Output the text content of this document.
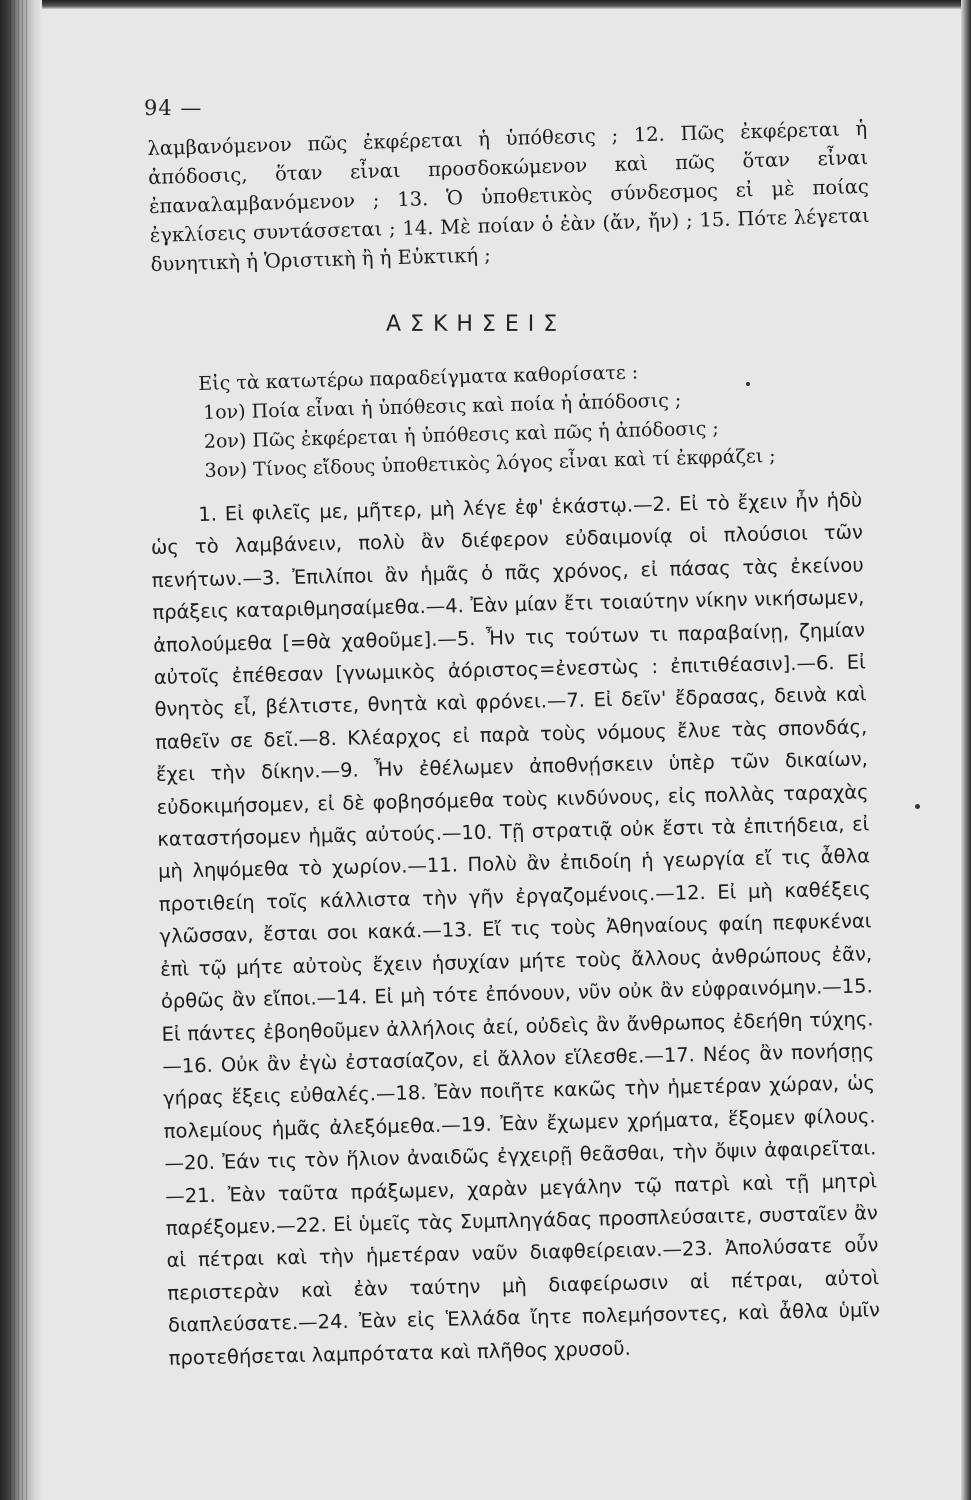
94 —
λαμβανόμενον πῶς ἐκφέρεται ἡ ὑπόθεσις ; 12. Πῶς ἐκφέρεται ἡ ἀπόδοσις, ὅταν εἶναι πρoσδοκώμενον καὶ πῶς ὅταν εἶναι ἐπαναλαμβανόμενον ; 13. Ὁ ὑποθετικὸς σύνδεσμος εἰ μὲ ποίας ἐγκλίσεις συντάσσεται ; 14. Μὲ ποίαν ὁ ἐὰν (ἄν, ἤν) ; 15. Πότε λέγεται δυνητικὴ ἡ Ὁριστικὴ ἢ ἡ Εὐκτική ;
ΑΣΚΗΣΕΙΣ
Εἰς τὰ κατωτέρω παραδείγματα καθορίσατε :
1ον) Ποία εἶναι ἡ ὑπόθεσις καὶ ποία ἡ ἀπόδοσις ;
2ον) Πῶς ἐκφέρεται ἡ ὑπόθεσις καὶ πῶς ἡ ἀπόδοσις ;
3ον) Τίνος εἴδους ὑποθετικὸς λόγος εἶναι καὶ τί ἐκφράζει ;
1. Εἰ φιλεῖς με, μῆτερ, μὴ λέγε ἐφ' ἑκάστῳ.—2. Εἰ τὸ ἔχειν ἦν ἡδὺ ὡς τὸ λαμβάνειν, πολὺ ἂν διέφερον εὐδαιμονίᾳ οἱ πλούσιοι τῶν πενήτων.—3. Ἐπιλίποι ἂν ἡμᾶς ὁ πᾶς χρόνος, εἰ πάσας τὰς ἐκείνου πράξεις καταριθμησαίμεθα.—4. Ἐὰν μίαν ἔτι τοιαύτην νίκην νικήσωμεν, ἀπολούμεθα [=θὰ χαθοῦμε].—5. Ἦν τις τούτων τι παραβαίνῃ, ζημίαν αὐτοῖς ἐπέθεσαν [γνωμικὸς ἀόριστος=ἐνεστὼς : ἐπιτιθέασιν].—6. Εἰ θνητὸς εἶ, βέλτιστε, θνητὰ καὶ φρόνει.—7. Εἰ δεῖν' ἔδρασας, δεινὰ καὶ παθεῖν σε δεῖ.—8. Κλέαρχος εἰ παρὰ τοὺς νόμους ἔλυε τὰς σπονδάς, ἔχει τὴν δίκην.—9. Ἦν ἐθέλωμεν ἀποθνῄσκειν ὑπὲρ τῶν δικαίων, εὐδοκιμήσομεν, εἰ δὲ φοβησόμεθα τοὺς κινδύνους, εἰς πολλὰς ταραχὰς καταστήσομεν ἡμᾶς αὐτούς.—10. Τῇ στρατιᾷ οὐκ ἔστι τὰ ἐπιτήδεια, εἰ μὴ ληψόμεθα τὸ χωρίον.—11. Πολὺ ἂν ἐπιδοίη ἡ γεωργία εἴ τις ἆθλα προτιθείη τοῖς κάλλιστα τὴν γῆν ἐργαζομένοις.—12. Εἰ μὴ καθέξεις γλῶσσαν, ἔσται σοι κακά.—13. Εἴ τις τοὺς Ἀθηναίους φαίη πεφυκέναι ἐπὶ τῷ μήτε αὐτοὺς ἔχειν ἡσυχίαν μήτε τοὺς ἄλλους ἀνθρώπους ἐᾶν, ὀρθῶς ἂν εἴποι.—14. Εἰ μὴ τότε ἐπόνουν, νῦν οὐκ ἂν εὐφραινόμην.—15. Εἰ πάντες ἐβοηθοῦμεν ἀλλήλοις ἀεί, οὐδεὶς ἂν ἄνθρωπος ἐδεήθη τύχης.—16. Οὐκ ἂν ἐγὼ ἐστασίαζον, εἰ ἄλλον εἵλεσθε.—17. Νέος ἂν πονήσῃς γήρας ἕξεις εὐθαλές.—18. Ἐὰν ποιῆτε κακῶς τὴν ἡμετέραν χώραν, ὡς πολεμίους ἡμᾶς ἀλεξόμεθα.—19. Ἐὰν ἔχωμεν χρήματα, ἕξομεν φίλους.—20. Ἐάν τις τὸν ἥλιον ἀναιδῶς ἐγχειρῇ θεᾶσθαι, τὴν ὄψιν ἀφαιρεῖται.—21. Ἐὰν ταῦτα πράξωμεν, χαρὰν μεγάλην τῷ πατρὶ καὶ τῇ μητρὶ παρέξομεν.—22. Εἰ ὑμεῖς τὰς Συμπληγάδας προσπλεύσαιτε, συσταῖεν ἂν αἱ πέτραι καὶ τὴν ἡμετέραν ναῦν διαφθείρειαν.—23. Ἀπολύσατε οὖν περιστερὰν καὶ ἐὰν ταύτην μὴ διαφείρωσιν αἱ πέτραι, αὐτοὶ διαπλεύσατε.—24. Ἐὰν εἰς Ἑλλάδα ἴητε πολεμήσοντες, καὶ ἆθλα ὑμῖν προτεθήσεται λαμπρότατα καὶ πλῆθος χρυσοῦ.
